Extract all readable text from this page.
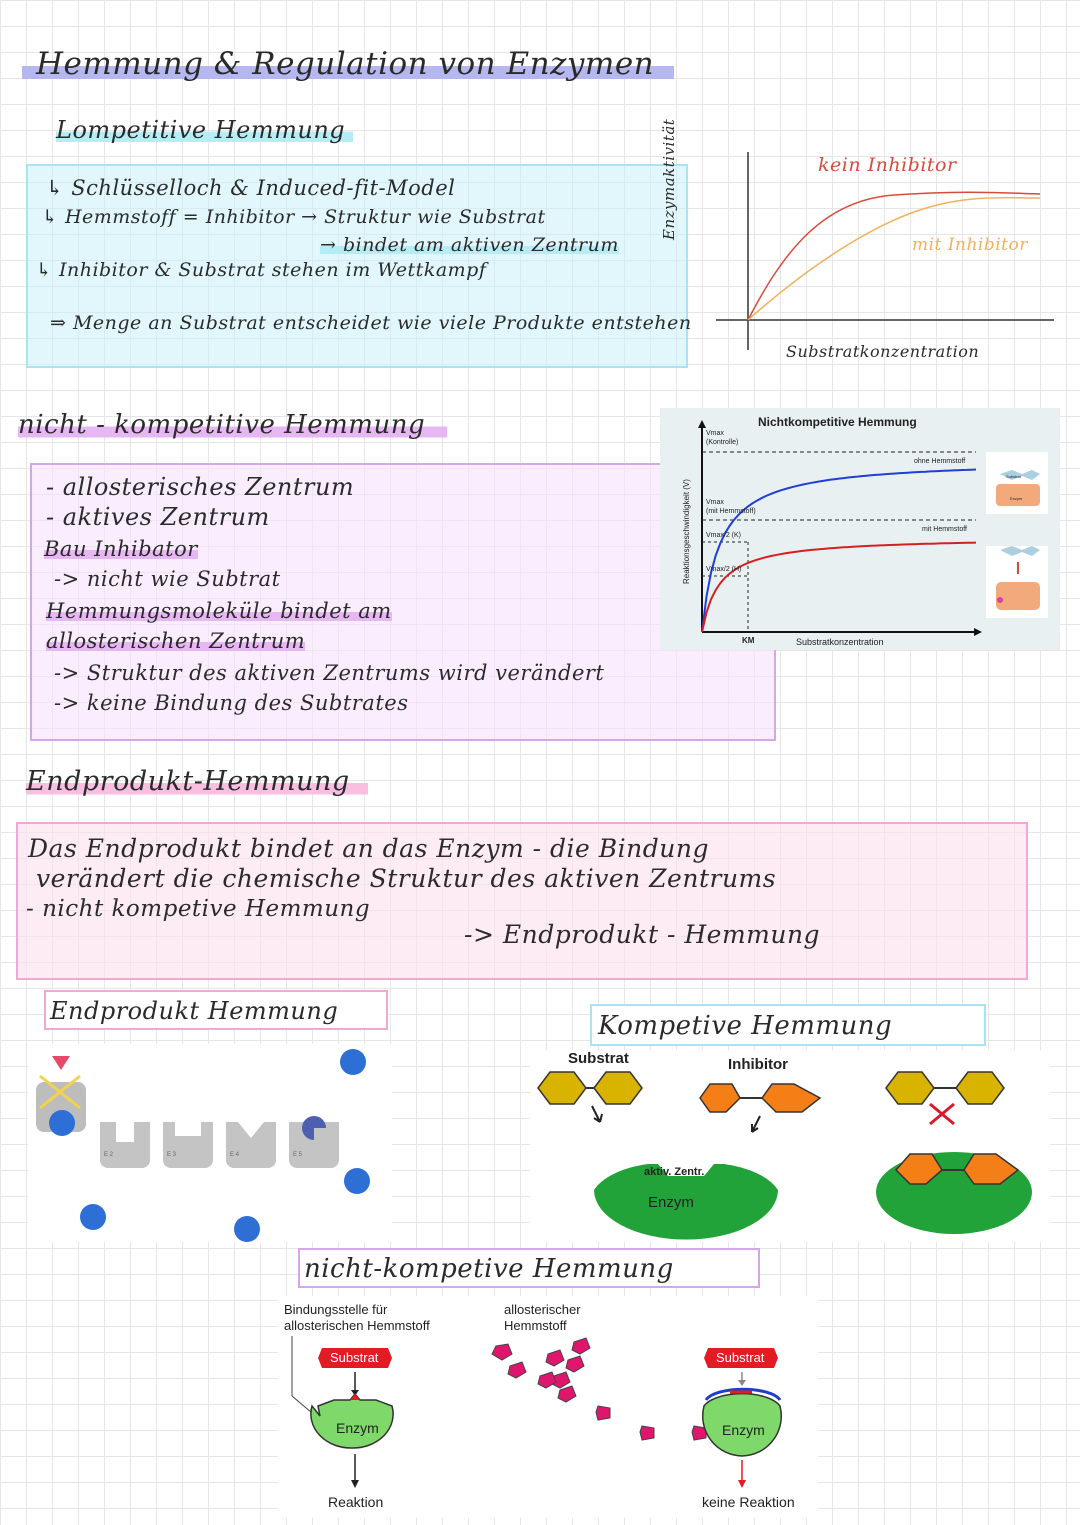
Hemmung & Regulation von Enzymen
Lompetitive Hemmung
↳ Schlüsselloch & Induced-fit-Model
↳ Hemmstoff = Inhibitor → Struktur wie Substrat
→ bindet am aktiven Zentrum
↳ Inhibitor & Substrat stehen im Wettkampf
⇒ Menge an Substrat entscheidet wie viele Produkte entstehen
Enzymaktivität
Substratkonzentration
kein Inhibitor
mit Inhibitor
nicht - kompetitive Hemmung
- allosterisches Zentrum
- aktives Zentrum
Bau Inhibator
-> nicht wie Subtrat
Hemmungsmoleküle bindet am
allosterischen Zentrum
-> Struktur des aktiven Zentrums wird verändert
-> keine Bindung des Subtrates
Nichtkompetitive Hemmung
Reaktionsgeschwindigkeit (V)
Substratkonzentration
Vmax
(Kontrolle)
Vmax
(mit Hemmstoff)
Vmax/2 (K)
Vmax/2 (H)
KM
ohne Hemmstoff
mit Hemmstoff
Substrat
Enzym
Endprodukt-Hemmung
Das Endprodukt bindet an das Enzym - die Bindung
verändert die chemische Struktur des aktiven Zentrums
- nicht kompetive Hemmung
-> Endprodukt - Hemmung
Endprodukt Hemmung
E 2	E 3	E 4	E 5
Kompetive Hemmung
Substrat	Inhibitor
aktiv. Zentr.
Enzym
nicht-kompetive Hemmung
Bindungsstelle für
allosterischen Hemmstoff
allosterischer
Hemmstoff
Substrat	Substrat
Enzym	Enzym
Reaktion	keine Reaktion
